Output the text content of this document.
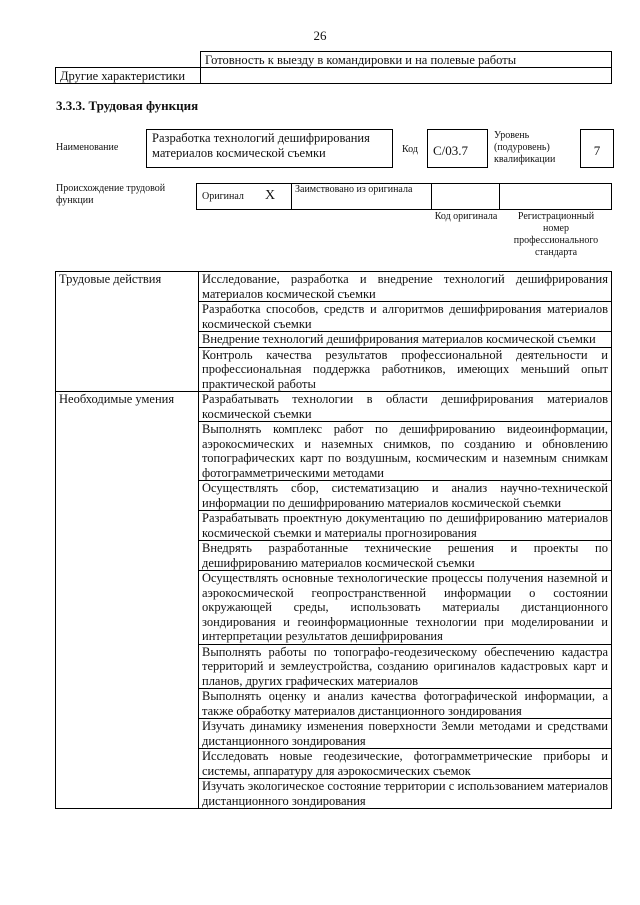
26
	Готовность к выезду в командировки и на полевые работы
Другие характеристики	
3.3.3. Трудовая функция
Наименование
Разработка технологий дешифрирования материалов космической съемки	Код	С/03.7
Уровень (подуровень) квалификации
7
Происхождение трудовой функции	Оригинал X Заимствовано из оригинала
Код оригинала	Регистрационный номер профессионального стандарта
Трудовые действия	Исследование, разработка и внедрение технологий дешифрирования материалов космической съемки
	Разработка способов, средств и алгоритмов дешифрирования материалов космической съемки
	Внедрение технологий дешифрирования материалов космической съемки
	Контроль качества результатов профессиональной деятельности и профессиональная поддержка работников, имеющих меньший опыт практической работы
Необходимые умения	Разрабатывать технологии в области дешифрирования материалов космической съемки
	Выполнять комплекс работ по дешифрированию видеоинформации, аэрокосмических и наземных снимков, по созданию и обновлению топографических карт по воздушным, космическим и наземным снимкам фотограмметрическими методами
	Осуществлять сбор, систематизацию и анализ научно-технической информации по дешифрированию материалов космической съемки
	Разрабатывать проектную документацию по дешифрированию материалов космической съемки и материалы прогнозирования
	Внедрять разработанные технические решения и проекты по дешифрированию материалов космической съемки
	Осуществлять основные технологические процессы получения наземной и аэрокосмической геопространственной информации о состоянии окружающей среды, использовать материалы дистанционного зондирования и геоинформационные технологии при моделировании и интерпретации результатов дешифрирования
	Выполнять работы по топографо-геодезическому обеспечению кадастра территорий и землеустройства, созданию оригиналов кадастровых карт и планов, других графических материалов
	Выполнять оценку и анализ качества фотографической информации, а также обработку материалов дистанционного зондирования
	Изучать динамику изменения поверхности Земли методами и средствами дистанционного зондирования
	Исследовать новые геодезические, фотограмметрические приборы и системы, аппаратуру для аэрокосмических съемок
	Изучать экологическое состояние территории с использованием материалов дистанционного зондирования
